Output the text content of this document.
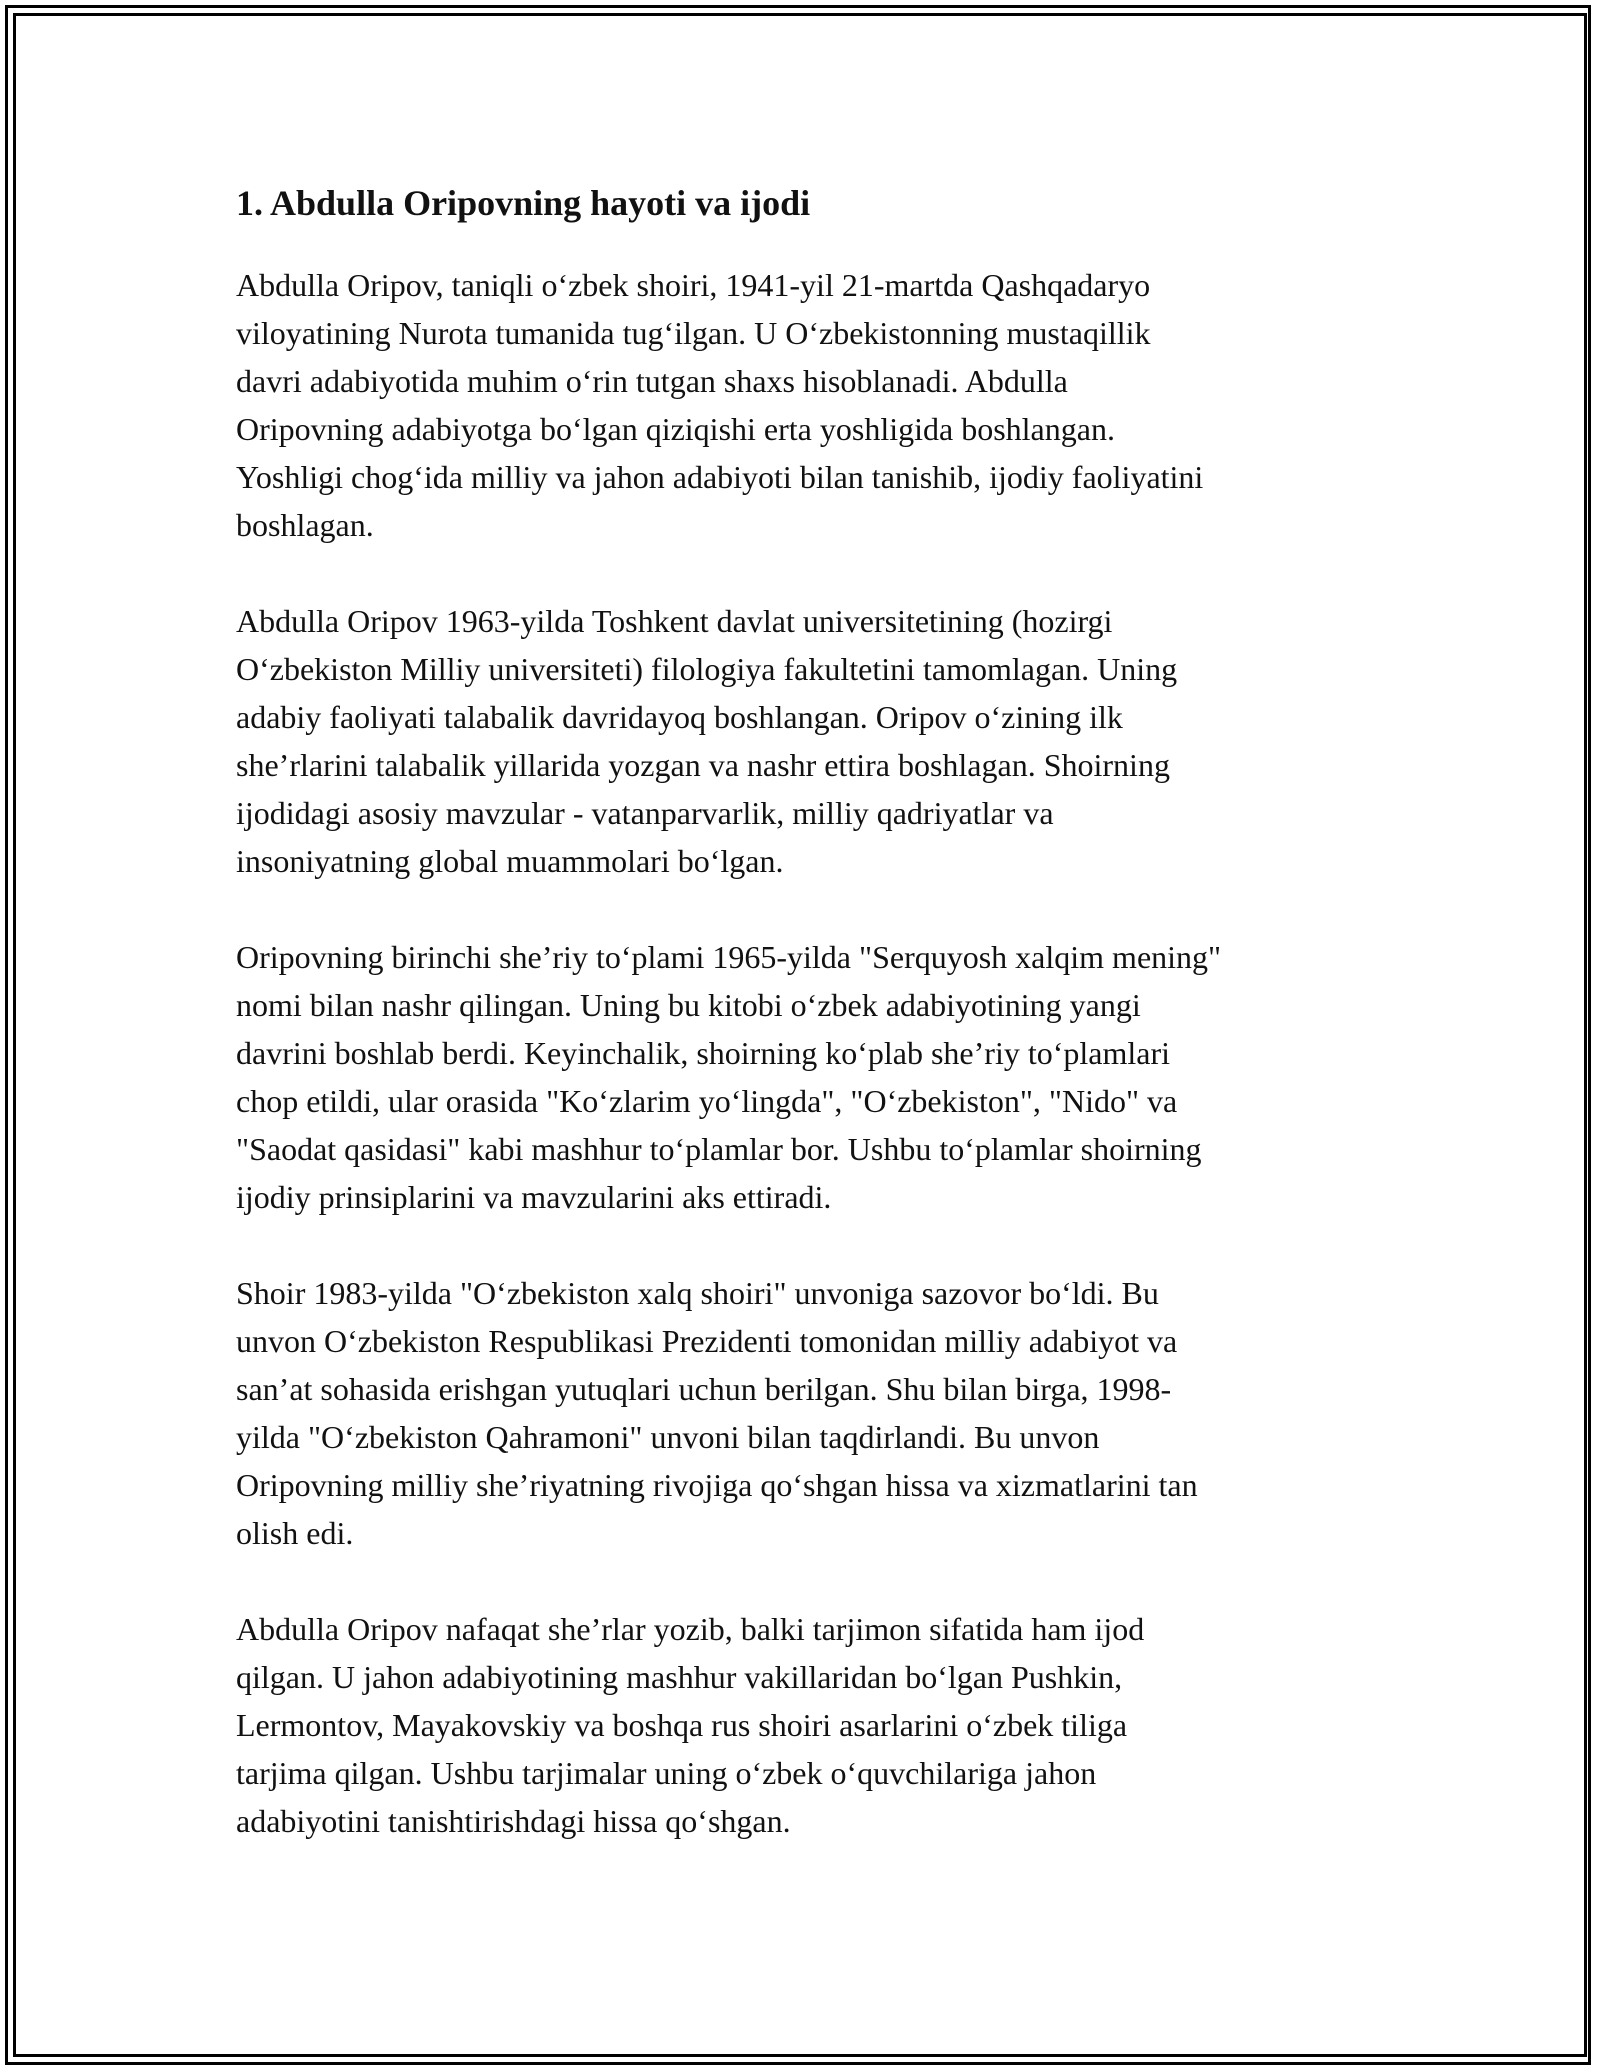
1. Abdulla Oripovning hayoti va ijodi

Abdulla Oripov, taniqli o‘zbek shoiri, 1941-yil 21-martda Qashqadaryo
viloyatining Nurota tumanida tug‘ilgan. U O‘zbekistonning mustaqillik
davri adabiyotida muhim o‘rin tutgan shaxs hisoblanadi. Abdulla
Oripovning adabiyotga bo‘lgan qiziqishi erta yoshligida boshlangan.
Yoshligi chog‘ida milliy va jahon adabiyoti bilan tanishib, ijodiy faoliyatini
boshlagan.

Abdulla Oripov 1963-yilda Toshkent davlat universitetining (hozirgi
O‘zbekiston Milliy universiteti) filologiya fakultetini tamomlagan. Uning
adabiy faoliyati talabalik davridayoq boshlangan. Oripov o‘zining ilk
she’rlarini talabalik yillarida yozgan va nashr ettira boshlagan. Shoirning
ijodidagi asosiy mavzular - vatanparvarlik, milliy qadriyatlar va
insoniyatning global muammolari bo‘lgan.

Oripovning birinchi she’riy to‘plami 1965-yilda "Serquyosh xalqim mening"
nomi bilan nashr qilingan. Uning bu kitobi o‘zbek adabiyotining yangi
davrini boshlab berdi. Keyinchalik, shoirning ko‘plab she’riy to‘plamlari
chop etildi, ular orasida "Ko‘zlarim yo‘lingda", "O‘zbekiston", "Nido" va
"Saodat qasidasi" kabi mashhur to‘plamlar bor. Ushbu to‘plamlar shoirning
ijodiy prinsiplarini va mavzularini aks ettiradi.

Shoir 1983-yilda "O‘zbekiston xalq shoiri" unvoniga sazovor bo‘ldi. Bu
unvon O‘zbekiston Respublikasi Prezidenti tomonidan milliy adabiyot va
san’at sohasida erishgan yutuqlari uchun berilgan. Shu bilan birga, 1998-
yilda "O‘zbekiston Qahramoni" unvoni bilan taqdirlandi. Bu unvon
Oripovning milliy she’riyatning rivojiga qo‘shgan hissa va xizmatlarini tan
olish edi.

Abdulla Oripov nafaqat she’rlar yozib, balki tarjimon sifatida ham ijod
qilgan. U jahon adabiyotining mashhur vakillaridan bo‘lgan Pushkin,
Lermontov, Mayakovskiy va boshqa rus shoiri asarlarini o‘zbek tiliga
tarjima qilgan. Ushbu tarjimalar uning o‘zbek o‘quvchilariga jahon
adabiyotini tanishtirishdagi hissa qo‘shgan.
